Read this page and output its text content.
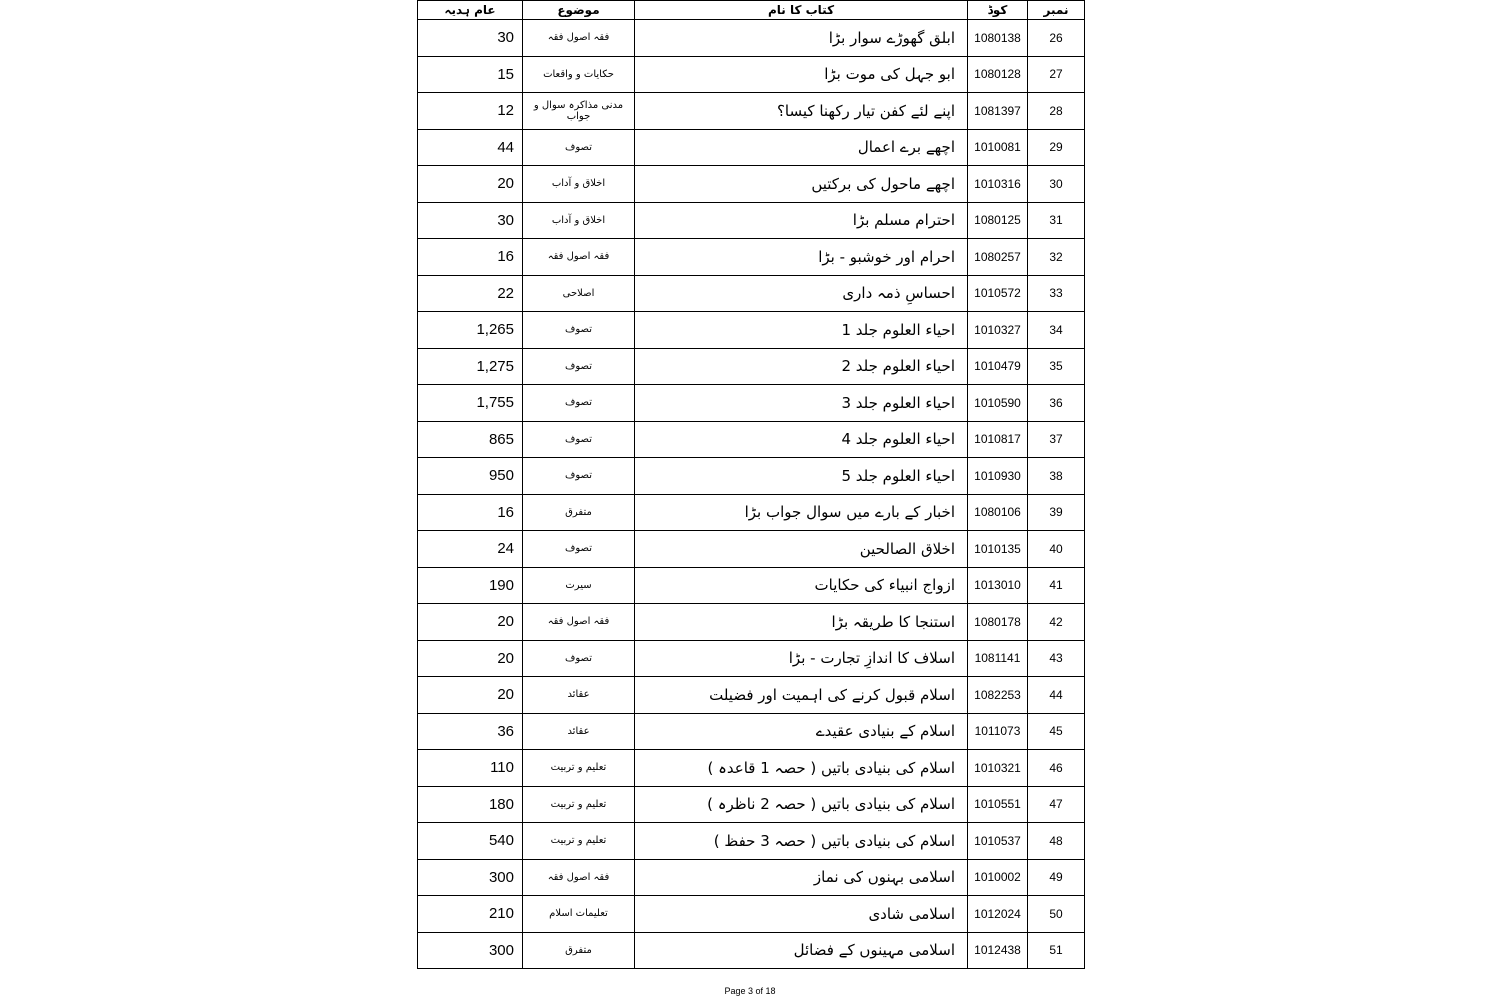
عام ہدیہ	موضوع	کتاب کا نام	کوڈ	نمبر
30	فقہ اصول فقہ	ابلق گھوڑے سوار بڑا	1080138	26
15	حکایات و واقعات	ابو جہل کی موت بڑا	1080128	27
12	مدنی مذاکرہ سوال و جواب	اپنے لئے کفن تیار رکھنا کیسا؟	1081397	28
44	تصوف	اچھے برے اعمال	1010081	29
20	اخلاق و آداب	اچھے ماحول کی برکتیں	1010316	30
30	اخلاق و آداب	احترام مسلم بڑا	1080125	31
16	فقہ اصول فقہ	احرام اور خوشبو - بڑا	1080257	32
22	اصلاحی	احساسِ ذمہ داری	1010572	33
1,265	تصوف	احیاء العلوم جلد 1	1010327	34
1,275	تصوف	احیاء العلوم جلد 2	1010479	35
1,755	تصوف	احیاء العلوم جلد 3	1010590	36
865	تصوف	احیاء العلوم جلد 4	1010817	37
950	تصوف	احیاء العلوم جلد 5	1010930	38
16	متفرق	اخبار کے بارے میں سوال جواب بڑا	1080106	39
24	تصوف	اخلاق الصالحین	1010135	40
190	سیرت	ازواج انبیاء کی حکایات	1013010	41
20	فقہ اصول فقہ	استنجا کا طریقہ بڑا	1080178	42
20	تصوف	اسلاف کا اندازِ تجارت - بڑا	1081141	43
20	عقائد	اسلام قبول کرنے کی اہمیت اور فضیلت	1082253	44
36	عقائد	اسلام کے بنیادی عقیدے	1011073	45
110	تعلیم و تربیت	اسلام کی بنیادی باتیں ( حصہ 1 قاعدہ )	1010321	46
180	تعلیم و تربیت	اسلام کی بنیادی باتیں ( حصہ 2 ناظرہ )	1010551	47
540	تعلیم و تربیت	اسلام کی بنیادی باتیں ( حصہ 3 حفظ )	1010537	48
300	فقہ اصول فقہ	اسلامی بہنوں کی نماز	1010002	49
210	تعلیمات اسلام	اسلامی شادی	1012024	50
300	متفرق	اسلامی مہینوں کے فضائل	1012438	51
Page 3 of 18
